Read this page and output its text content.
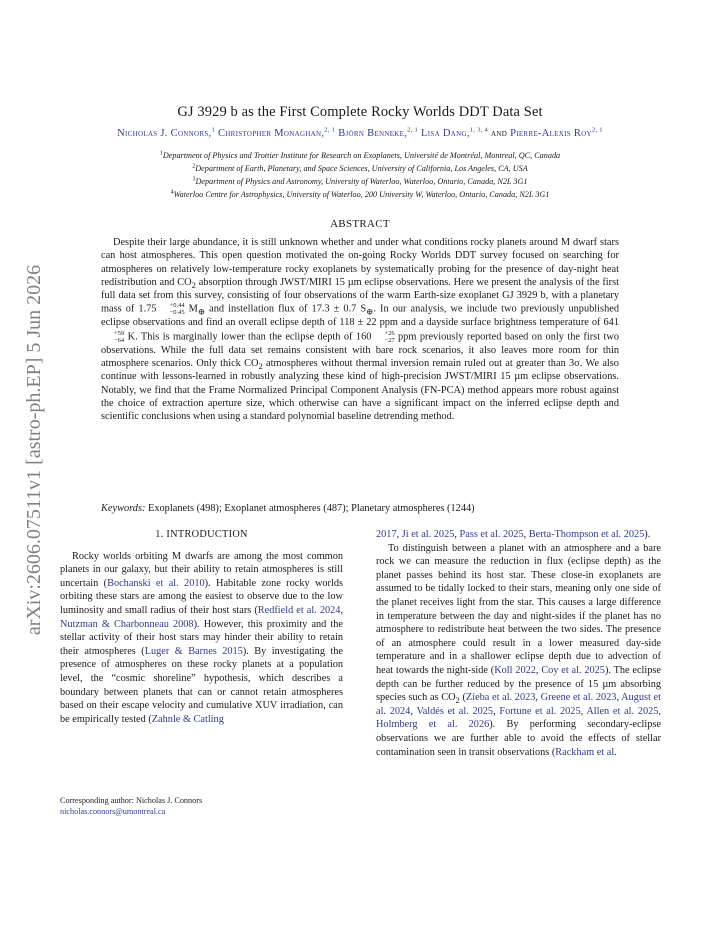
arXiv:2606.07511v1 [astro-ph.EP] 5 Jun 2026
GJ 3929 b as the First Complete Rocky Worlds DDT Data Set
Nicholas J. Connors,$^1$ Christopher Monaghan,$^{2, 1}$ Björn Benneke,$^{2, 1}$ Lisa Dang,$^{1, 3, 4}$ and Pierre-Alexis Roy$^{2, 1}$
$^1$Department of Physics and Trottier Institute for Research on Exoplanets, Université de Montréal, Montreal, QC, Canada
$^2$Department of Earth, Planetary, and Space Sciences, University of California, Los Angeles, CA, USA
$^3$Department of Physics and Astronomy, University of Waterloo, Waterloo, Ontario, Canada, N2L 3G1
$^4$Waterloo Centre for Astrophysics, University of Waterloo, 200 University W, Waterloo, Ontario, Canada, N2L 3G1
ABSTRACT

Despite their large abundance, it is still unknown whether and under what conditions rocky planets around M dwarf stars can host atmospheres. This open question motivated the on-going Rocky Worlds DDT survey focused on searching for atmospheres on relatively low-temperature rocky exoplanets by systematically probing for the presence of day-night heat redistribution and $CO_2$ absorption through JWST/MIRI 15 µm eclipse observations. Here we present the analysis of the first full data set from this survey, consisting of four observations of the warm Earth-size exoplanet GJ 3929 b, with a planetary mass of 1.75	+0.44
−0.45 $M_\oplus$ and instellation flux of 17.3 ± 0.7 $S_\oplus$. In our analysis, we include two previously unpublished eclipse observations and find an overall eclipse depth of 118 ± 22 ppm and a dayside surface brightness temperature of 641
+59
−64 K. This is marginally lower than the eclipse depth of 160	+26
−27 ppm previously reported based on only the first two observations. While the full data set remains consistent with bare rock scenarios, it also leaves more room for thin atmosphere scenarios. Only thick $CO_2$ atmospheres without thermal inversion remain ruled out at greater than 3σ. We also continue with lessons-learned in robustly analyzing these kind of high-precision JWST/MIRI 15 µm eclipse observations. Notably, we find that the Frame Normalized Principal Component Analysis (FN-PCA) method appears more robust against the choice of extraction aperture size, which otherwise can have a significant impact on the inferred eclipse depth and scientific conclusions when using a standard polynomial baseline detrending method.

Keywords: Exoplanets (498); Exoplanet atmospheres (487); Planetary atmospheres (1244)

1. INTRODUCTION

Rocky worlds orbiting M dwarfs are among the most common planets in our galaxy, but their ability to retain atmospheres is still uncertain (Bochanski et al. 2010). Habitable zone rocky worlds orbiting these stars are among the easiest to observe due to the low luminosity and small radius of their host stars (Redfield et al. 2024, Nutzman & Charbonneau 2008). However, this proximity and the stellar activity of their host stars may hinder their ability to retain their atmospheres (Luger & Barnes 2015). By investigating the presence of atmospheres on these rocky planets at a population level, the “cosmic shoreline” hypothesis, which describes a boundary between planets that can or cannot retain atmospheres based on their escape velocity and cumulative XUV irradiation, can be empirically tested (Zahnle & Catling

2017, Ji et al. 2025, Pass et al. 2025, Berta-Thompson et al. 2025).

To distinguish between a planet with an atmosphere and a bare rock we can measure the reduction in flux (eclipse depth) as the planet passes behind its host star. These close-in exoplanets are assumed to be tidally locked to their stars, meaning only one side of the planet receives light from the star. This causes a large difference in temperature between the day and night-sides if the planet has no atmosphere to redistribute heat between the two sides. The presence of an atmosphere could result in a lower measured day-side temperature and in a shallower eclipse depth due to advection of heat towards the night-side (Koll 2022, Coy et al. 2025). The eclipse depth can be further reduced by the presence of 15 µm absorbing species such as $CO_2$ (Zieba et al. 2023, Greene et al. 2023, August et al. 2024, Valdés et al. 2025, Fortune et al. 2025, Allen et al. 2025, Holmberg et al. 2026). By performing secondary-eclipse observations we are further able to avoid the effects of stellar contamination seen in transit observations (Rackham et al.

Corresponding author: Nicholas J. Connors
nicholas.connors@umontreal.ca
